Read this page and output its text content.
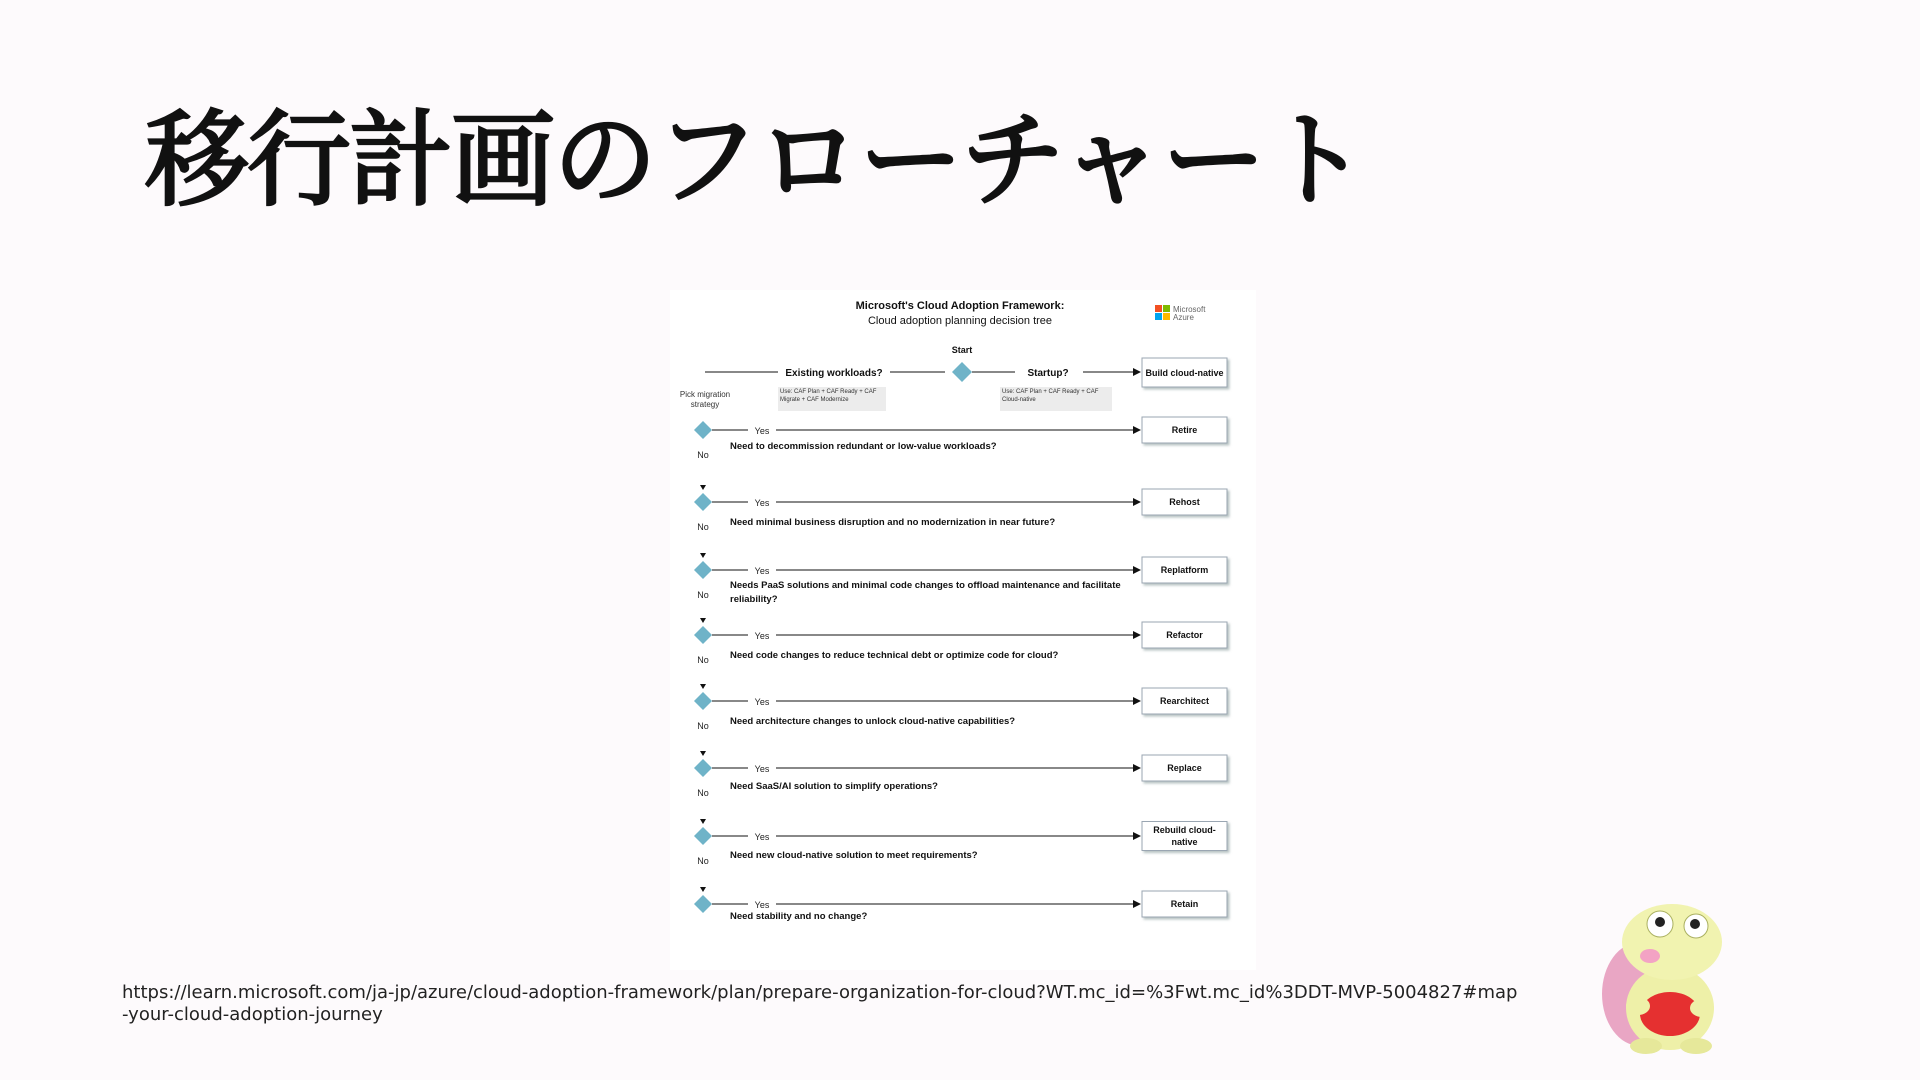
移行計画のフローチャート
Microsoft's Cloud Adoption Framework:
Cloud adoption planning decision tree
Microsoft
Azure
Start
Existing workloads?	Startup?
Use: CAF Plan + CAF Ready + CAF Migrate + CAF Modernize
Use: CAF Plan + CAF Ready + CAF Cloud-native
Build cloud-native
Pick migration strategy
Yes
No
Need to decommission redundant or low-value workloads?
Retire
Yes
No Need minimal business disruption and no modernization in near future?
Rehost
Yes
No
Needs PaaS solutions and minimal code changes to offload maintenance and facilitate reliability?
Replatform
Yes
No Need code changes to reduce technical debt or optimize code for cloud?
Refactor
Yes
No Need architecture changes to unlock cloud-native capabilities?
Rearchitect
Yes
No
Need SaaS/AI solution to simplify operations?
Replace
Yes
No Need new cloud-native solution to meet requirements?
Rebuild cloud-native
Yes
Need stability and no change?
Retain
https://learn.microsoft.com/ja-jp/azure/cloud-adoption-framework/plan/prepare-organization-for-cloud?WT.mc_id=%3Fwt.mc_id%3DDT-MVP-5004827#map-your-cloud-adoption-journey
